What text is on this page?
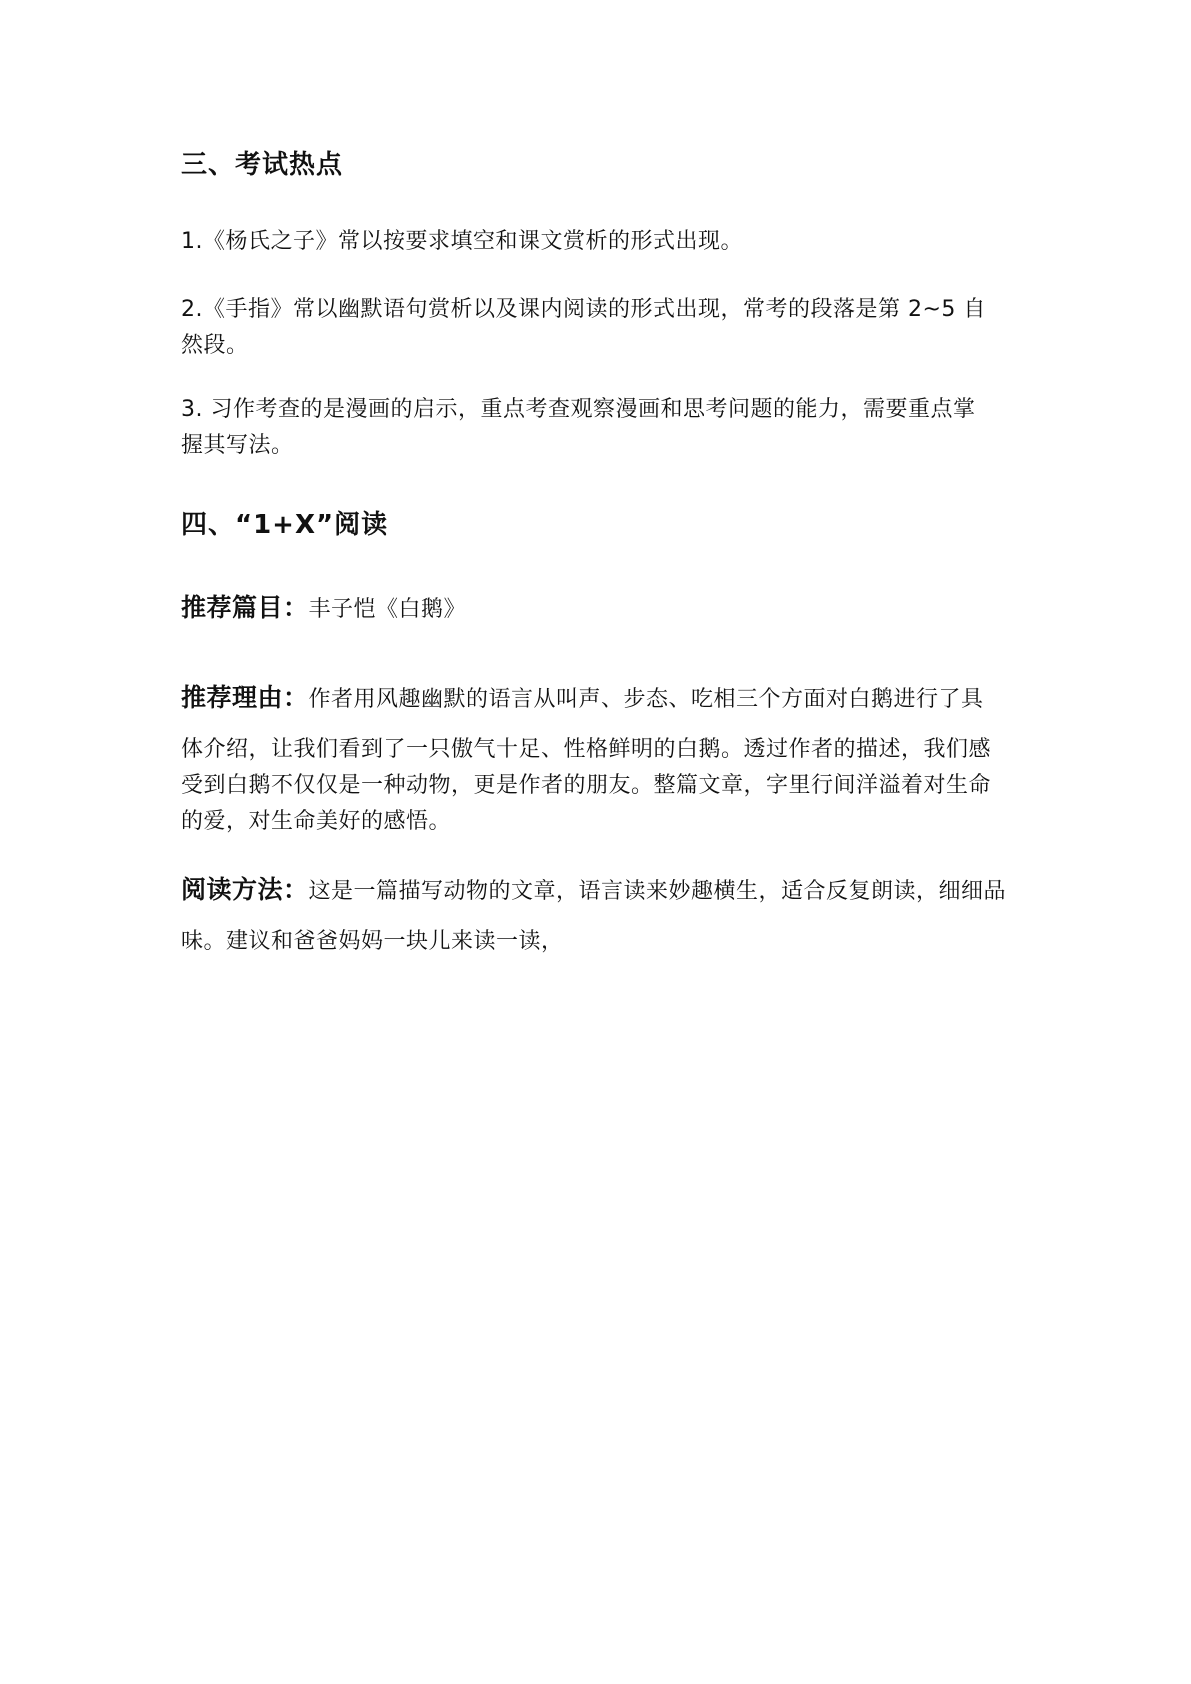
三、考试热点
1.《杨氏之子》常以按要求填空和课文赏析的形式出现。
2.《手指》常以幽默语句赏析以及课内阅读的形式出现，常考的段落是第 2~5 自
然段。
3. 习作考查的是漫画的启示，重点考查观察漫画和思考问题的能力，需要重点掌
握其写法。
四、“1+X”阅读
推荐篇目：丰子恺《白鹅》
推荐理由：作者用风趣幽默的语言从叫声、步态、吃相三个方面对白鹅进行了具
体介绍，让我们看到了一只傲气十足、性格鲜明的白鹅。透过作者的描述，我们感
受到白鹅不仅仅是一种动物，更是作者的朋友。整篇文章，字里行间洋溢着对生命
的爱，对生命美好的感悟。
阅读方法：这是一篇描写动物的文章，语言读来妙趣横生，适合反复朗读，细细品
味。建议和爸爸妈妈一块儿来读一读，
